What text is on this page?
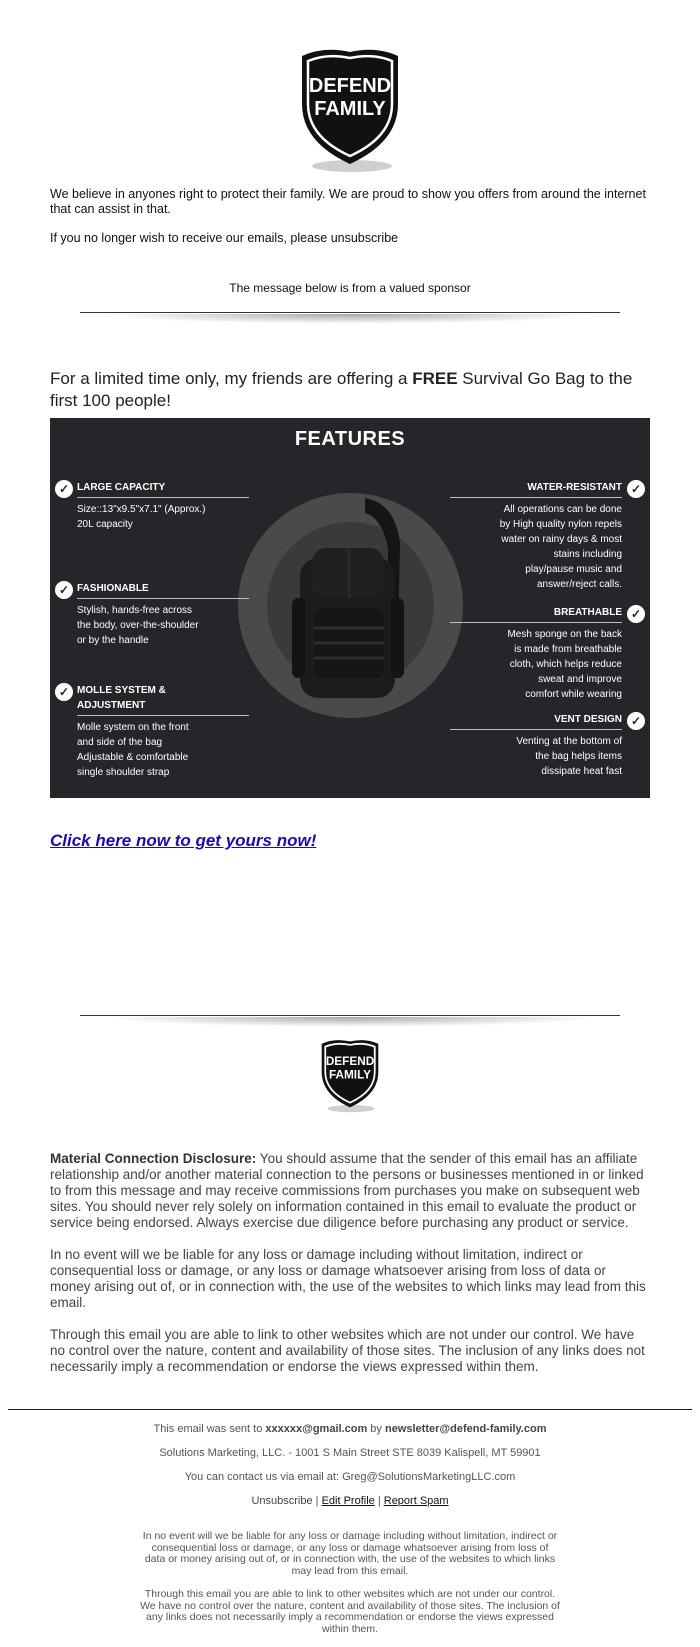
DEFEND
FAMILY

We believe in anyones right to protect their family. We are proud to show you offers from around the internet that can assist in that.

If you no longer wish to receive our emails, please unsubscribe

The message below is from a valued sponsor
For a limited time only, my friends are offering a FREE Survival Go Bag to the first 100 people!
FEATURES
✓ LARGE CAPACITY
Size::13"x9.5"x7.1" (Approx.)
20L capacity
✓ FASHIONABLE
Stylish, hands-free across
the body, over-the-shoulder
or by the handle
✓ MOLLE SYSTEM &
ADJUSTMENT
Molle system on the front
and side of the bag
Adjustable & comfortable
single shoulder strap
✓
WATER-RESISTANT
All operations can be done
by High quality nylon repels
water on rainy days & most
stains including
play/pause music and
answer/reject calls.
✓
BREATHABLE
Mesh sponge on the back
is made from breathable
cloth, which helps reduce
sweat and improve
comfort while wearing
✓
VENT DESIGN
Venting at the bottom of
the bag helps items
dissipate heat fast
Click here now to get yours now!
DEFEND
FAMILY

Material Connection Disclosure: You should assume that the sender of this email has an affiliate relationship and/or another material connection to the persons or businesses mentioned in or linked to from this message and may receive commissions from purchases you make on subsequent web sites. You should never rely solely on information contained in this email to evaluate the product or service being endorsed. Always exercise due diligence before purchasing any product or service.

In no event will we be liable for any loss or damage including without limitation, indirect or consequential loss or damage, or any loss or damage whatsoever arising from loss of data or money arising out of, or in connection with, the use of the websites to which links may lead from this email.

Through this email you are able to link to other websites which are not under our control. We have no control over the nature, content and availability of those sites. The inclusion of any links does not necessarily imply a recommendation or endorse the views expressed within them.

This email was sent to xxxxxx@gmail.com by newsletter@defend-family.com
Solutions Marketing, LLC. - 1001 S Main Street STE 8039 Kalispell, MT 59901
You can contact us via email at: Greg@SolutionsMarketingLLC.com
Unsubscribe | Edit Profile | Report Spam

In no event will we be liable for any loss or damage including without limitation, indirect or consequential loss or damage, or any loss or damage whatsoever arising from loss of data or money arising out of, or in connection with, the use of the websites to which links may lead from this email.

Through this email you are able to link to other websites which are not under our control. We have no control over the nature, content and availability of those sites. The inclusion of any links does not necessarily imply a recommendation or endorse the views expressed within them.
